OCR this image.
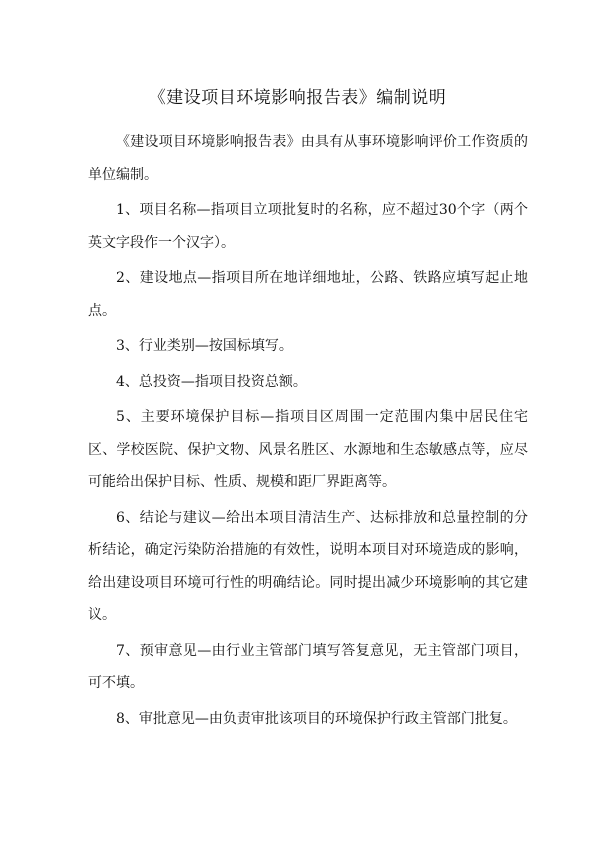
《建设项目环境影响报告表》编制说明

《建设项目环境影响报告表》由具有从事环境影响评价工作资质的单位编制。

1、项目名称—指项目立项批复时的名称，应不超过30个字（两个英文字段作一个汉字）。

2、建设地点—指项目所在地详细地址，公路、铁路应填写起止地点。

3、行业类别—按国标填写。

4、总投资—指项目投资总额。

5、主要环境保护目标—指项目区周围一定范围内集中居民住宅区、学校医院、保护文物、风景名胜区、水源地和生态敏感点等，应尽可能给出保护目标、性质、规模和距厂界距离等。

6、结论与建议—给出本项目清洁生产、达标排放和总量控制的分析结论，确定污染防治措施的有效性，说明本项目对环境造成的影响，给出建设项目环境可行性的明确结论。同时提出减少环境影响的其它建议。

7、预审意见—由行业主管部门填写答复意见，无主管部门项目，可不填。

8、审批意见—由负责审批该项目的环境保护行政主管部门批复。
